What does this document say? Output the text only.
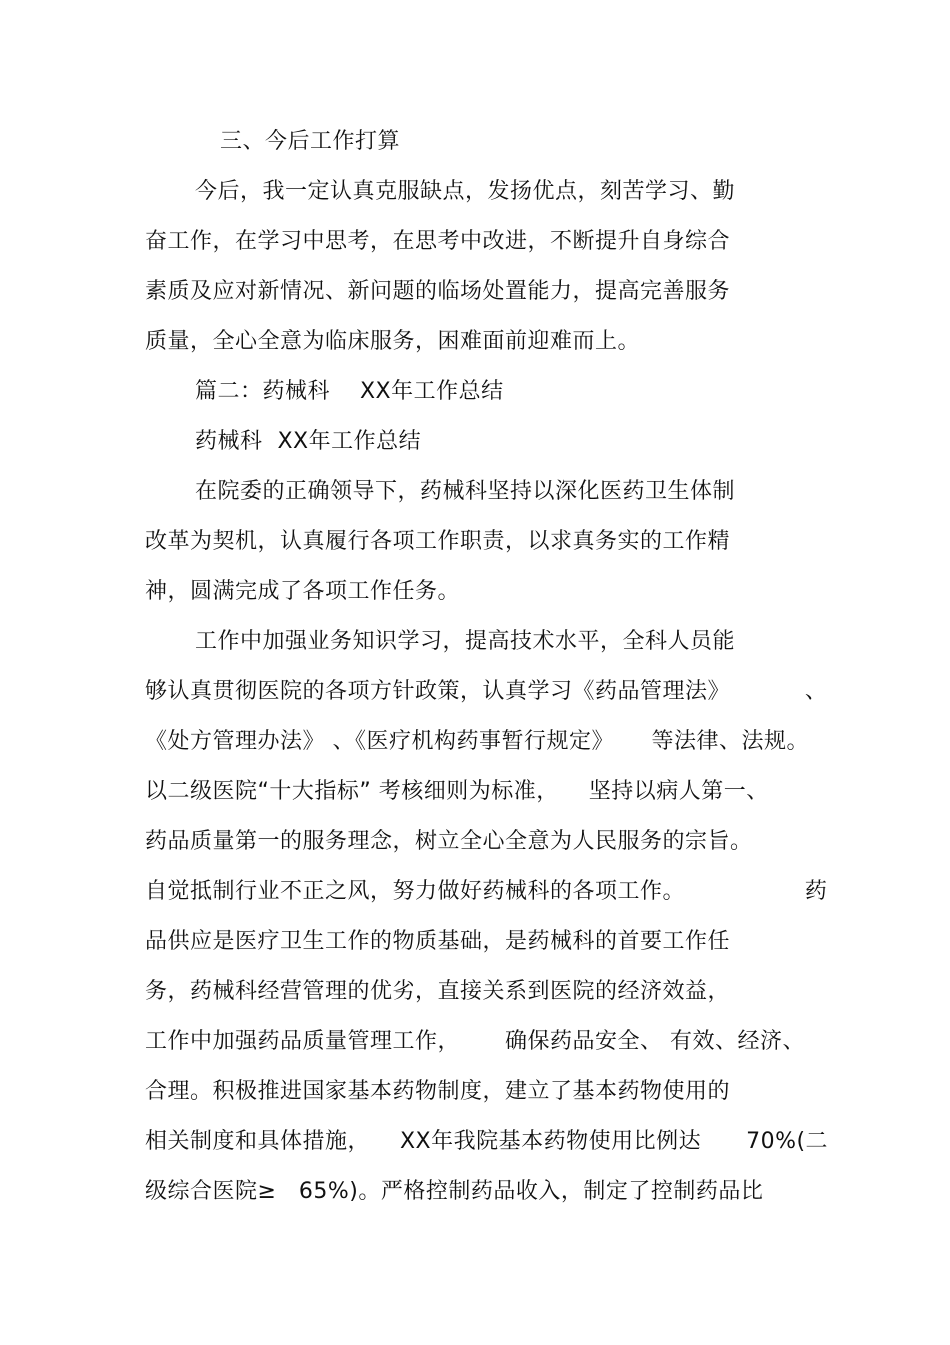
三、今后工作打算
今后，我一定认真克服缺点，发扬优点，刻苦学习、勤
奋工作，在学习中思考，在思考中改进，不断提升自身综合
素质及应对新情况、新问题的临场处置能力，提高完善服务
质量，全心全意为临床服务，困难面前迎难而上。
篇二：药械科    XX年工作总结
药械科  XX年工作总结
在院委的正确领导下，药械科坚持以深化医药卫生体制
改革为契机，认真履行各项工作职责，以求真务实的工作精
神，圆满完成了各项工作任务。
工作中加强业务知识学习，提高技术水平，全科人员能
够认真贯彻医院的各项方针政策，认真学习《药品管理法》          、
《处方管理办法》 、《医疗机构药事暂行规定》     等法律、法规。
以二级医院“十大指标” 考核细则为标准，    坚持以病人第一、
药品质量第一的服务理念，树立全心全意为人民服务的宗旨。
自觉抵制行业不正之风，努力做好药械科的各项工作。                药
品供应是医疗卫生工作的物质基础，是药械科的首要工作任
务，药械科经营管理的优劣，直接关系到医院的经济效益，
工作中加强药品质量管理工作，      确保药品安全、 有效、经济、
合理。积极推进国家基本药物制度，建立了基本药物使用的
相关制度和具体措施，    XX年我院基本药物使用比例达      70%(二
级综合医院≥   65%)。严格控制药品收入，制定了控制药品比
